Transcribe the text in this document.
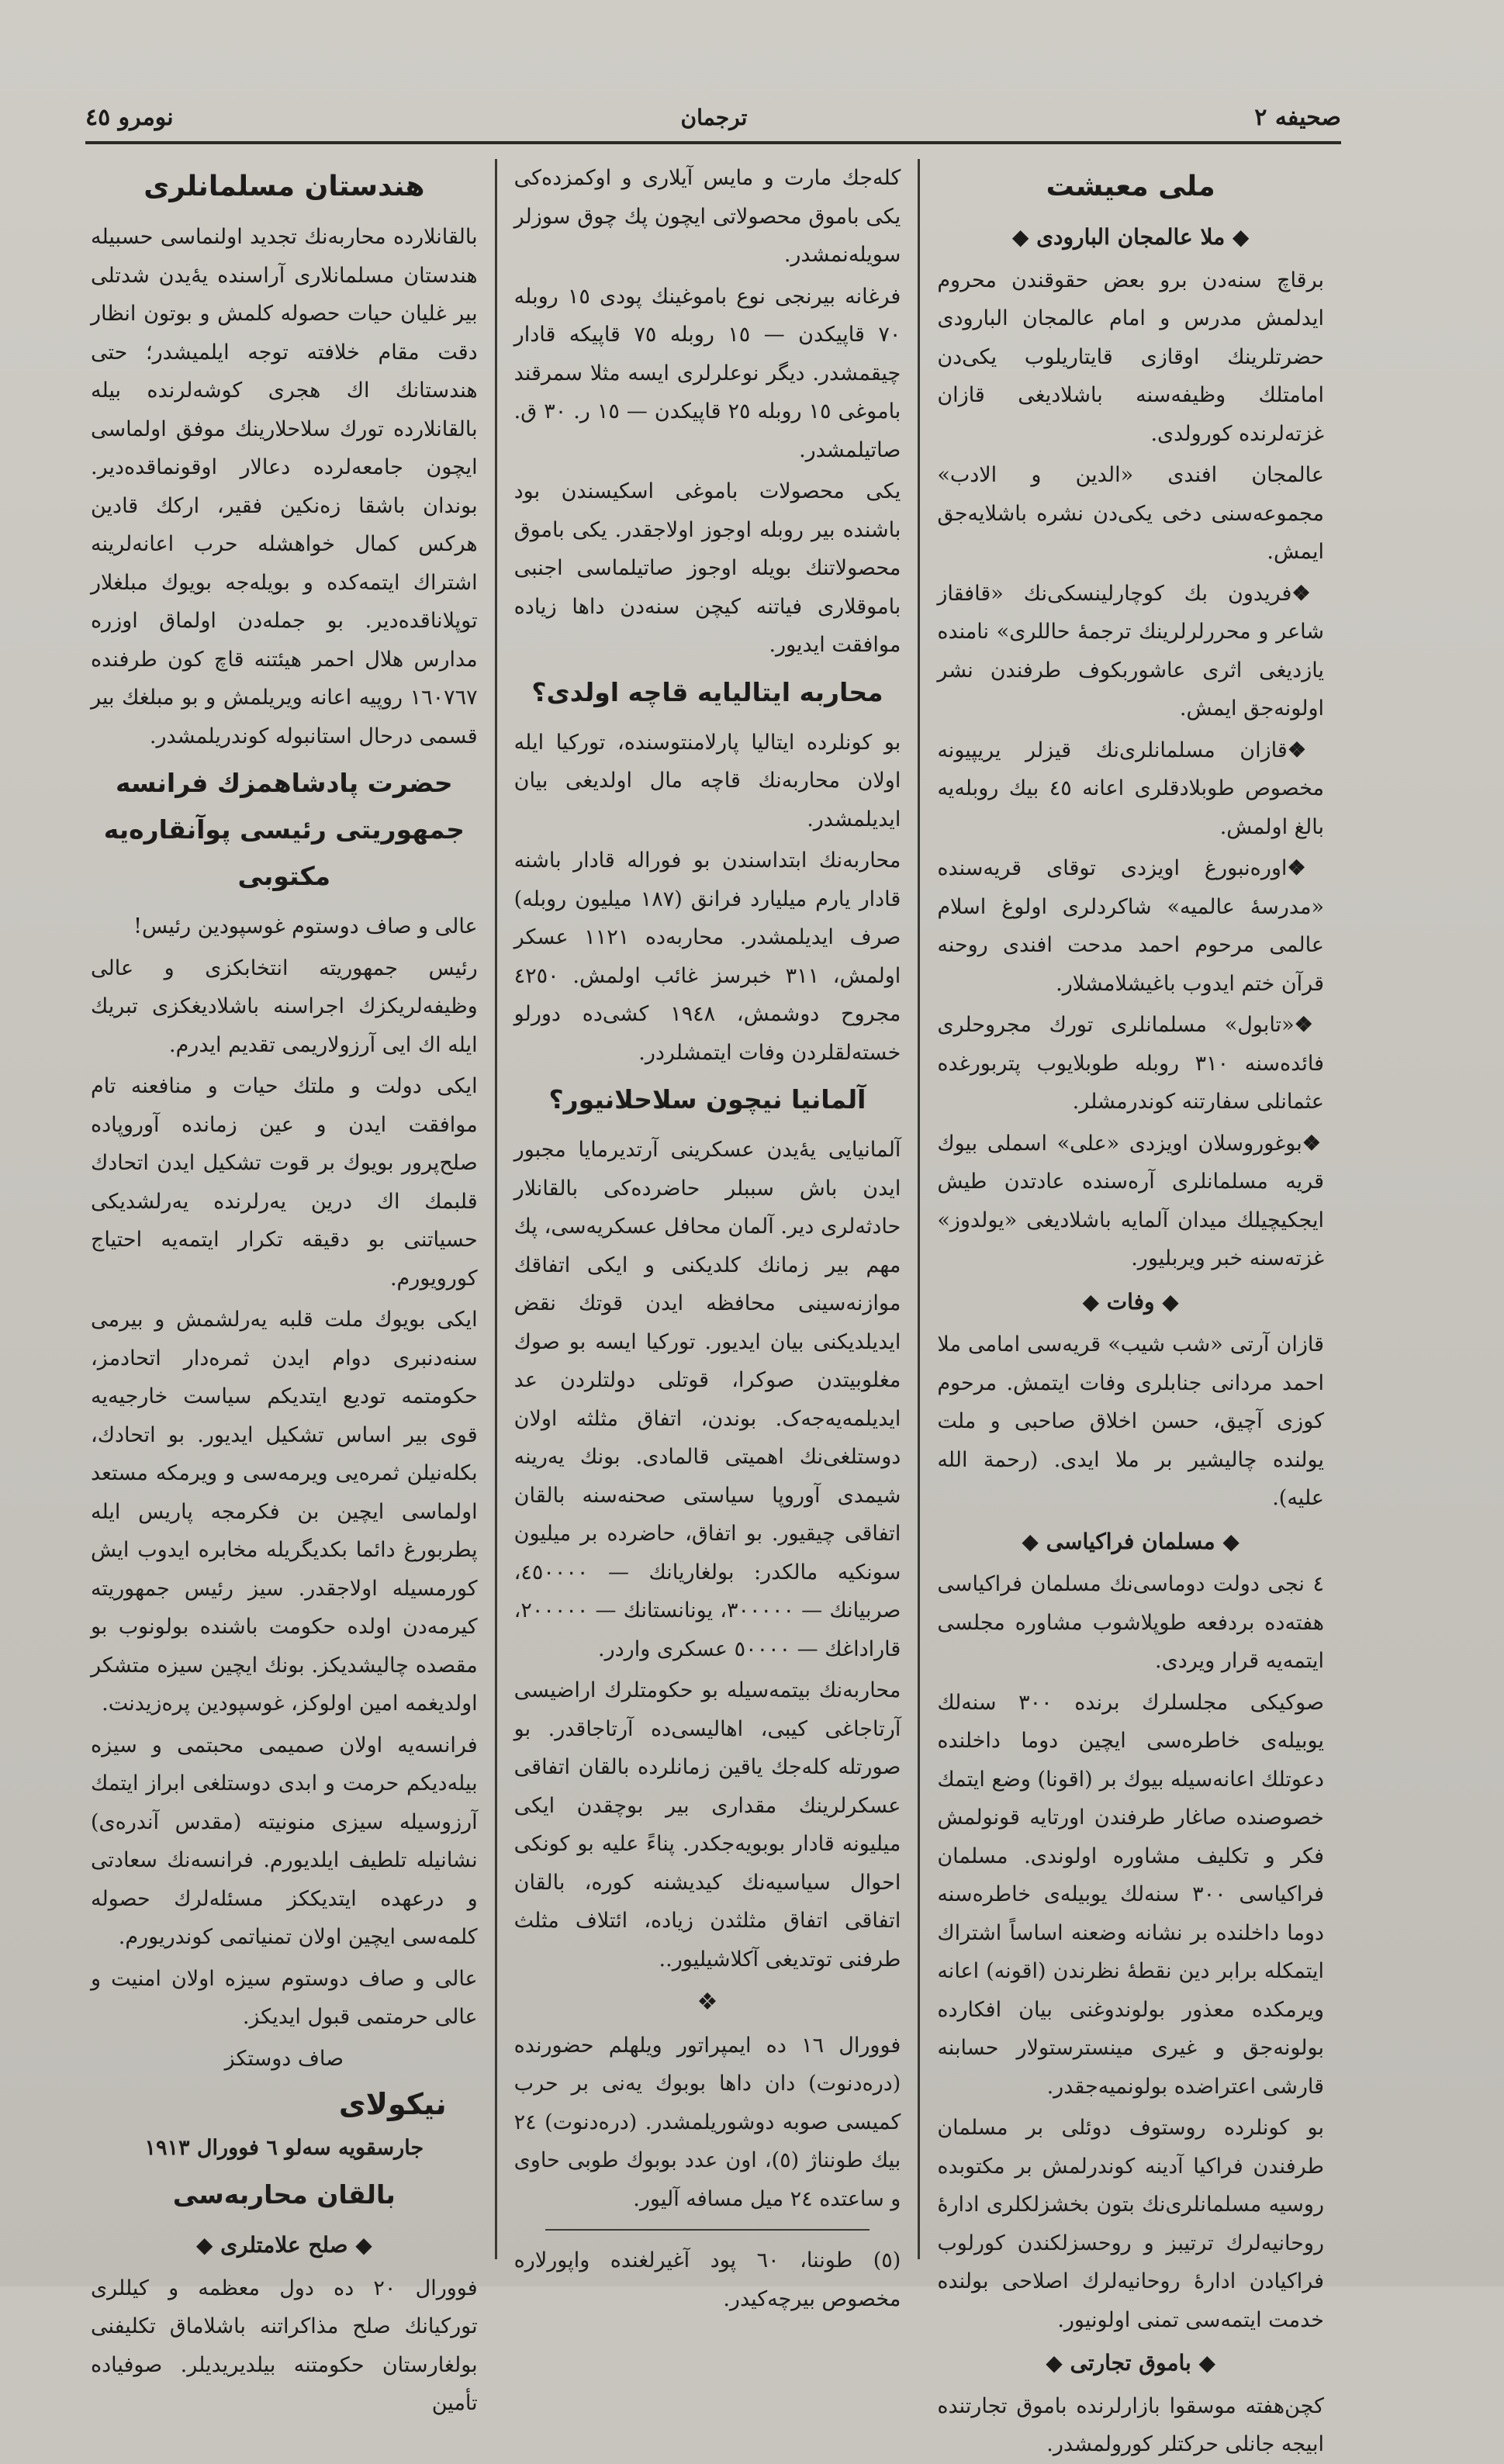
صحیفه ۲
ترجمان
نومرو ٤٥
ملی معیشت
◆ ملا عالمجان البارودی ◆

برقاچ سنه‌دن برو بعض حقوقندن محروم ایدلمش مدرس و امام عالمجان البارودی حضرتلرینك اوقازی قایتاریلوب یکی‌دن امامتلك وظیفه‌سنه باشلادیغی قازان غزته‌لرنده کورولدی.

عالمجان افندی «الدین و الادب» مجموعه‌سنی دخی یکی‌دن نشره باشلایه‌جق ایمش.

❖ فریدون بك کوچارلینسکی‌نك «قافقاز شاعر و محررلرلرینك ترجمهٔ حاللری» نامنده یازدیغی اثری عاشوربکوف طرفندن نشر اولونه‌جق ایمش.

❖ قازان مسلمانلری‌نك قیزلر یریپیونه مخصوص طوبلادقلری اعانه ٤٥ بیك روبله‌یه بالغ اولمش.

❖ اوره‌نبورغ اویزدی توقای قریه‌سنده «مدرسهٔ عالمیه» شاکردلری اولوغ اسلام عالمی مرحوم احمد مدحت افندی روحنه قرآن ختم ایدوب باغیشلامشلار.

❖ «تابول» مسلمانلری تورك مجروحلری فائده‌سنه ٣١٠ روبله طوبلایوب پتربورغده عثمانلی سفارتنه کوندرمشلر.

❖ بوغوروسلان اویزدی «علی» اسملی بیوك قریه مسلمانلری آره‌سنده عادتدن طیش ایجکیچیلك میدان آلمایه باشلادیغی «یولدوز» غزته‌سنه خبر ویربلیور.

◆ وفات ◆

قازان آرتی «شب شیب» قریه‌سی امامی ملا احمد مردانی جنابلری وفات ایتمش. مرحوم کوزی آچیق، حسن اخلاق صاحبی و ملت یولنده چالیشیر بر ملا ایدی. (رحمة الله علیه).

◆ مسلمان فراکیاسی ◆

٤ نجی دولت دوماسی‌نك مسلمان فراکیاسی هفته‌ده بردفعه طوپلاشوب مشاوره مجلسی ایتمه‌یه قرار ویردی.

صوکیکی مجلسلرك برنده ٣٠٠ سنه‌لك یوبیله‌ی خاطره‌سی ایچین دوما داخلنده دعوتلك اعانه‌سیله بیوك بر (اقونا) وضع ایتمك خصوصنده صاغار طرفندن اورتایه قونولمش فکر و تکلیف مشاوره اولوندی. مسلمان فراکیاسی ٣٠٠ سنه‌لك یوبیله‌ی خاطره‌سنه دوما داخلنده بر نشانه وضعنه اساساً اشتراك ایتمکله برابر دین نقطهٔ نظرندن (اقونه) اعانه ویرمکده معذور بولوندوغنی بیان افکارده بولونه‌جق و غیری مینسترستولار حسابنه قارشی اعتراضده بولونمیه‌جقدر.

بو کونلرده روستوف دوئلی بر مسلمان طرفندن فراکیا آدینه کوندرلمش بر مکتوبده روسیه مسلمانلری‌نك بتون بخشزلکلری ادارهٔ روحانیه‌لرك ترتیبز و روحسزلکندن کورلوب فراکیادن ادارهٔ روحانیه‌لرك اصلاحی بولنده خدمت ایتمه‌سی تمنی اولونیور.

◆ باموق تجارتی ◆

کچن‌هفته موسقوا بازارلرنده باموق تجارتنده ابیجه جانلی حرکتلر کورولمشدر.

کله‌جك مارت و مایس آیلاری و اوکمزده‌کی یکی باموق محصولاتی ایچون پك چوق سوزلر سویله‌نمشدر.

فرغانه بیرنجی نوع باموغینك پودی ١٥ روبله ٧٠ قاپیکدن — ١٥ روبله ٧٥ قاپیکه قادار چیقمشدر. دیگر نوعلرلری ایسه مثلا سمرقند باموغی ١٥ روبله ٢٥ قاپیکدن — ١٥ ر. ٣٠ ق. صاتیلمشدر.

یکی محصولات باموغی اسکیسندن بود باشنده بیر روبله اوجوز اولاجقدر. یکی باموق محصولاتنك بویله اوجوز صاتیلماسی اجنبی باموقلاری فیاتنه کیچن سنه‌دن داها زیاده موافقت ایدیور.

محاربه ایتالیایه قاچه اولدی؟

بو کونلرده ایتالیا پارلامنتوسنده، تورکیا ایله اولان محاربه‌نك قاچه مال اولدیغی بیان ایدیلمشدر.

محاربه‌نك ابتداسندن بو فوراله قادار باشنه قادار یارم میلیارد فرانق (١٨٧ میلیون روبله) صرف ایدیلمشدر. محاربه‌ده ١١٢١ عسکر اولمش، ٣١١ خبرسز غائب اولمش. ٤٢٥٠ مجروح دوشمش، ١٩٤٨ کشی‌ده دورلو خسته‌لقلردن وفات ایتمشلردر.

آلمانیا نیچون سلاحلانیور؟

آلمانیایی یه‌ٔیدن عسکرینی آرتدیرمایا مجبور ایدن باش سببلر حاضرده‌کی بالقانلار حادثه‌لری دیر. آلمان محافل عسکریه‌سی، پك مهم بیر زمانك کلدیکنی و ایکی اتفاقك موازنه‌سینی محافظه ایدن قوتك نقض ایدیلدیکنی بیان ایدیور. تورکیا ایسه بو صوك مغلوبیتدن صوکرا، قوتلی دولتلردن عد ایدیلمه‌یه‌جه‌ک. بوندن، اتفاق مثلثه اولان دوستلغی‌نك اهمیتی قالمادی. بونك یه‌رینه شیمدی آوروپا سیاستی صحنه‌سنه بالقان اتفاقی چیقیور. بو اتفاق، حاضرده بر میلیون سونکیه مالکدر: بولغاریانك — ٤٥٠٠٠٠، صربیانك — ٣٠٠٠٠٠، یونانستانك — ٢٠٠٠٠٠، قاراداغك — ٥٠٠٠٠ عسکری واردر.

محاربه‌نك بیتمه‌سیله بو حکومتلرك اراضیسی آرتاجاغی کیبی، اهالیسی‌ده آرتاجاقدر. بو صورتله کله‌جك یاقین زمانلرده بالقان اتفاقی عسکرلرینك مقداری بیر بوچقدن ایکی میلیونه قادار بوبویه‌جکدر. پناءً علیه بو کونکی احوال سیاسیه‌نك کیدیشنه کوره، بالقان اتفاقی اتفاق مثلثدن زیاده، ائتلاف مثلث طرفنی توتدیغی آکلاشیلیور..

❖

فوورال ١٦ ده ایمپراتور ویلهلم حضورنده (دره‌دنوت) دان داها بوبوك یه‌نی بر حرب کمیسی صوبه دوشوریلمشدر. (دره‌دنوت) ٢٤ بیك طونناژ (٥)، اون عدد بوبوك طوبی حاوی و ساعتده ٢٤ میل مسافه آلیور.

(٥) طوننا، ٦٠ پود آغیرلغنده واپورلاره مخصوص بیرچه‌کیدر.

هندستان مسلمانلری

بالقانلارده محاربه‌نك تجدید اولنماسی حسبیله هندستان مسلمانلاری آراسنده یه‌ٔیدن شدتلی بیر غلیان حیات حصوله کلمش و بوتون انظار دقت مقام خلافته توجه ایلمیشدر؛ حتی هندستانك اك هجری کوشه‌لرنده بیله بالقانلارده تورك سلاحلارینك موفق اولماسی ایچون جامعه‌لرده دعالار اوقونماقده‌دیر. بوندان باشقا زه‌نکین فقیر، ارکك قادین هرکس کمال خواهشله حرب اعانه‌لرینه اشتراك ایتمه‌کده و بویله‌جه بویوك مبلغلار توپلاناقده‌دیر. بو جمله‌دن اولماق اوزره مدارس هلال احمر هیئتنه قاچ کون طرفنده ١٦٠٧٦٧ روپیه اعانه ویریلمش و بو مبلغك بیر قسمی درحال استانبوله کوندریلمشدر.

حضرت پادشاهمزك فرانسه جمهوریتی رئیسی پوآنقاره‌یه مکتوبی

عالی و صاف دوستوم غوسپودین رئیس!

رئیس جمهوریته انتخابکزی و عالی وظیفه‌لریکزك اجراسنه باشلادیغکزی تبریك ایله اك ایی آرزولاریمی تقدیم ایدرم.

ایکی دولت و ملتك حیات و منافعنه تام موافقت ایدن و عین زمانده آوروپاده صلح‌پرور بویوك بر قوت تشکیل ایدن اتحادك قلبمك اك درین یه‌رلرنده یه‌رلشدیکی حسیاتنی بو دقیقه تکرار ایتمه‌یه احتیاج کورویورم.

ایکی بویوك ملت قلبه یه‌رلشمش و بیرمی سنه‌دنبری دوام ایدن ثمره‌دار اتحادمز، حکومتمه تودیع ایتدیکم سیاست خارجیه‌یه قوی بیر اساس تشکیل ایدیور. بو اتحادك، بکله‌نیلن ثمره‌یی ویرمه‌سی و ویرمکه مستعد اولماسی ایچین بن فکرمجه پاریس ایله پطربورغ دائما بکدیگریله مخابره ایدوب ایش کورمسیله اولاجقدر. سیز رئیس جمهوریته کیرمه‌دن اولده حکومت باشنده بولونوب بو مقصده چالیشدیکز. بونك ایچین سیزه متشکر اولدیغمه امین اولوکز، غوسپودین پره‌زیدنت.

فرانسه‌یه اولان صمیمی محبتمی و سیزه بیله‌دیکم حرمت و ابدی دوستلغی ابراز ایتمك آرزوسیله سیزی منونیته (مقدس آندره‌ی) نشانیله تلطیف ایلدیورم. فرانسه‌نك سعادتی و درعهده ایتدیککز مسئله‌لرك حصوله کلمه‌سی ایچین اولان تمنیاتمی کوندریورم.

عالی و صاف دوستوم سیزه اولان امنیت و عالی حرمتمی قبول ایدیکز.

صاف دوستکز

نیکولای

جارسقویه سه‌لو ٦ فوورال ١٩١٣

بالقان محاربه‌سی
◆ صلح علامتلری ◆

فوورال ٢٠ ده دول معظمه و کیللری توركیانك صلح مذاکراتنه باشلاماق تکلیفنی بولغارستان حکومتنه بیلدیریدیلر. صوفیاده تأمین
